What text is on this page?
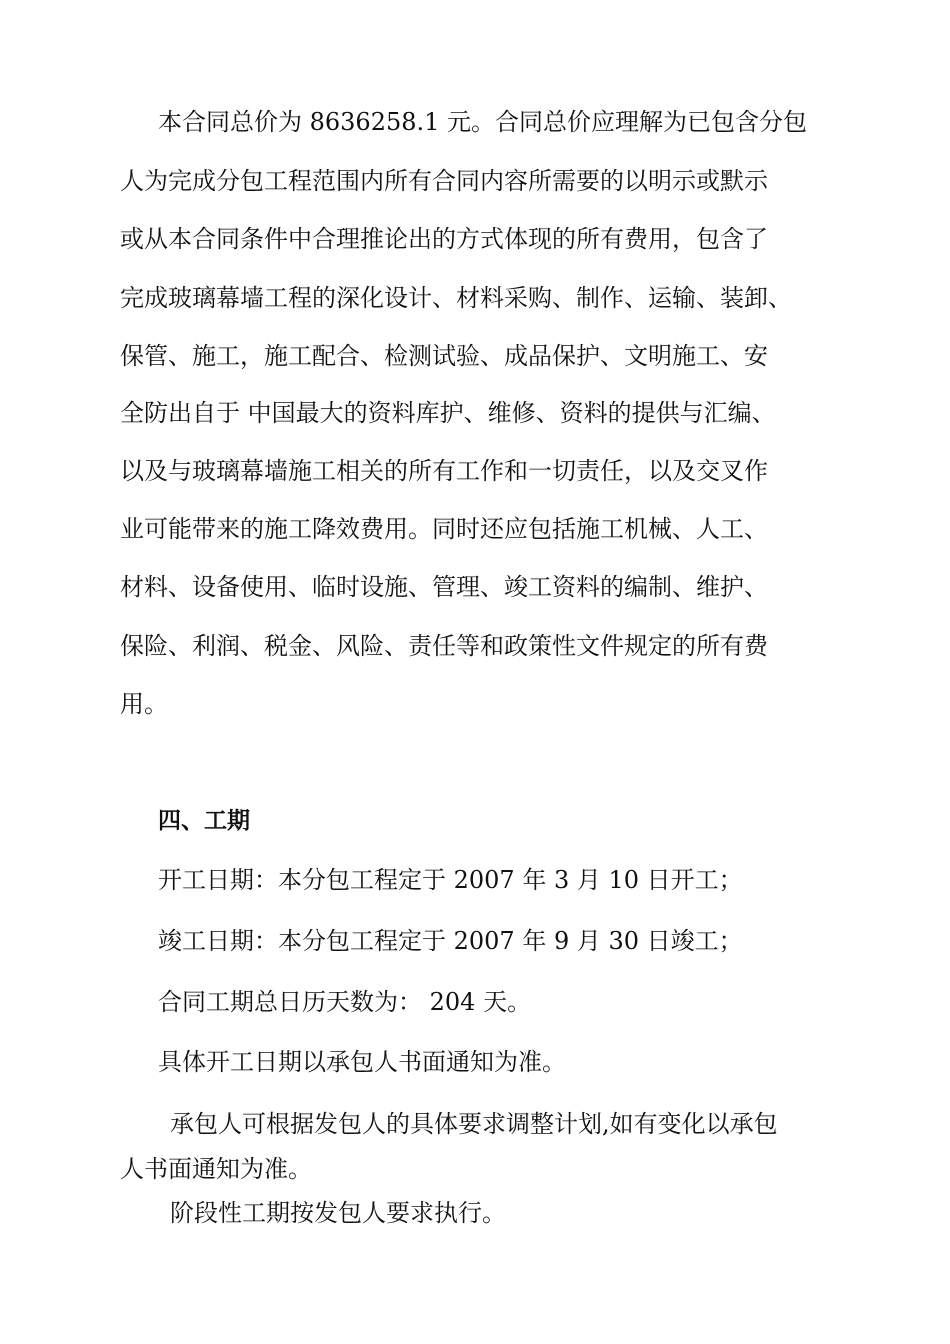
本合同总价为 8636258.1 元。合同总价应理解为已包含分包
人为完成分包工程范围内所有合同内容所需要的以明示或默示
或从本合同条件中合理推论出的方式体现的所有费用，包含了
完成玻璃幕墙工程的深化设计、材料采购、制作、运输、装卸、
保管、施工，施工配合、检测试验、成品保护、文明施工、安
全防出自于 中国最大的资料库护、维修、资料的提供与汇编、
以及与玻璃幕墙施工相关的所有工作和一切责任，以及交叉作
业可能带来的施工降效费用。同时还应包括施工机械、人工、
材料、设备使用、临时设施、管理、竣工资料的编制、维护、
保险、利润、税金、风险、责任等和政策性文件规定的所有费
用。
四、工期
开工日期：本分包工程定于 2007 年 3 月 10 日开工；
竣工日期：本分包工程定于 2007 年 9 月 30 日竣工；
合同工期总日历天数为： 204 天。
具体开工日期以承包人书面通知为准。
承包人可根据发包人的具体要求调整计划,如有变化以承包
人书面通知为准。
阶段性工期按发包人要求执行。
